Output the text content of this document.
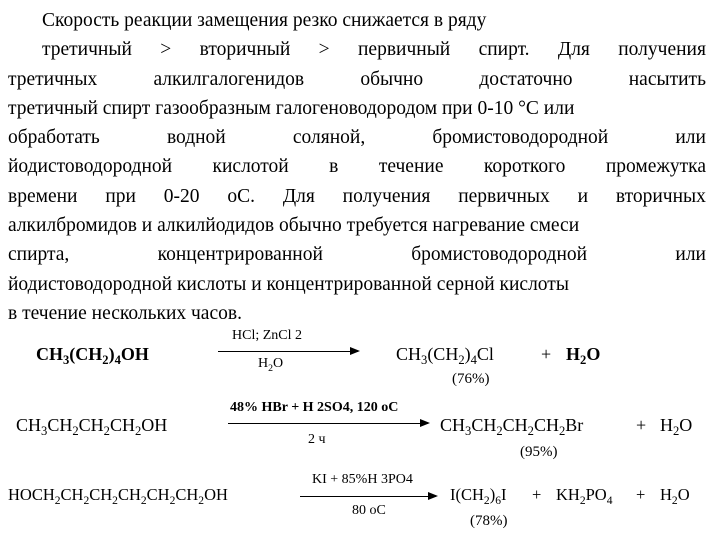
Скорость реакции замещения резко снижается в ряду
третичный > вторичный > первичный спирт. Для получения
третичных	алкилгалогенидов	обычно	достаточно	насытить
третичный спирт газообразным галогеноводородом при 0-10 °С или
обработать	водной	соляной,	бромистоводородной	или
йодистоводородной кислотой в течение короткого промежутка
времени при 0-20 оС. Для получения первичных и вторичных
алкилбромидов и алкилйодидов обычно требуется нагревание смеси
спирта,	концентрированной	бромистоводородной	или
йодистоводородной кислоты и концентрированной серной кислоты
в течение нескольких часов.
$CH_3(CH_2)_4OH$
HCl; ZnCl 2
$H_2O$	$CH_3(CH_2)_4Cl$	+ $H_2O$
(76%)
$CH_3CH_2CH_2CH_2OH$
48% HBr + H 2SO4, 120 oC
2 ч
$CH_3CH_2CH_2CH_2Br$	+ $H_2O$
(95%)
$HOCH_2CH_2CH_2CH_2CH_2CH_2OH$
KI + 85%H 3PO4
80 oC
$I(CH_2)_6I + KH_2PO_4 + H_2O$
(78%)
